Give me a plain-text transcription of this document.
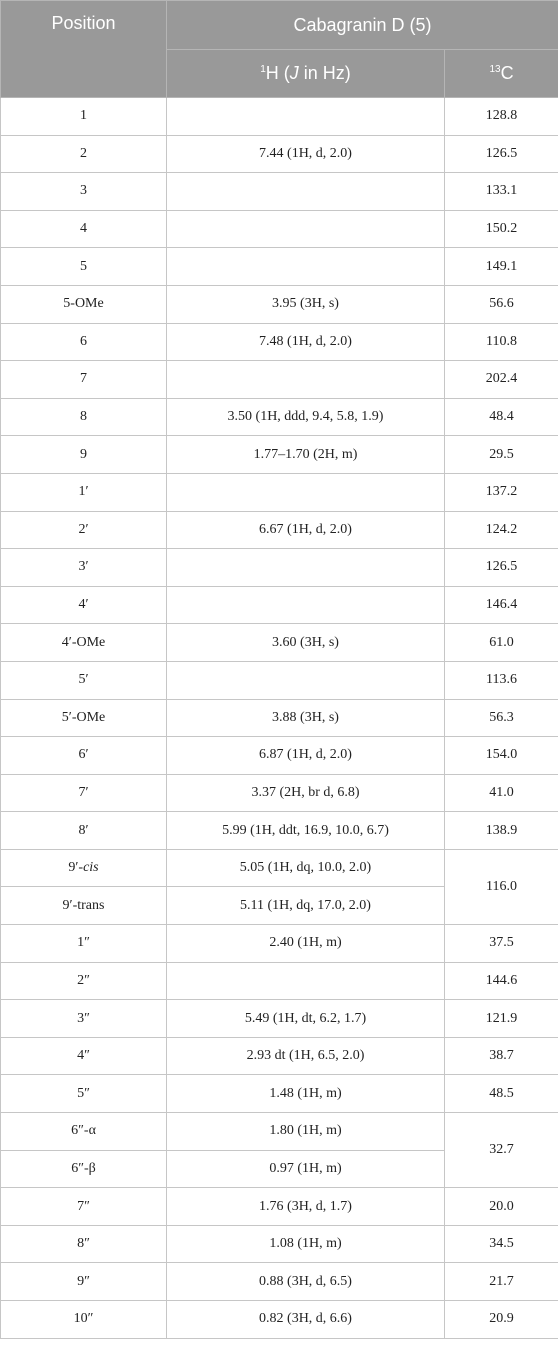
Position	Cabagranin D (5)	
	$^1$H (J in Hz)	$^{13}$C
1		128.8
2	7.44 (1H, d, 2.0)	126.5
3		133.1
4		150.2
5		149.1
5-OMe	3.95 (3H, s)	56.6
6	7.48 (1H, d, 2.0)	110.8
7		202.4
8	3.50 (1H, ddd, 9.4, 5.8, 1.9)	48.4
9	1.77–1.70 (2H, m)	29.5
1′		137.2
2′	6.67 (1H, d, 2.0)	124.2
3′		126.5
4′		146.4
4′-OMe	3.60 (3H, s)	61.0
5′		113.6
5′-OMe	3.88 (3H, s)	56.3
6′	6.87 (1H, d, 2.0)	154.0
7′	3.37 (2H, br d, 6.8)	41.0
8′	5.99 (1H, ddt, 16.9, 10.0, 6.7)	138.9
9′-cis	5.05 (1H, dq, 10.0, 2.0)	116.0
9′-trans	5.11 (1H, dq, 17.0, 2.0)	
1″	2.40 (1H, m)	37.5
2″		144.6
3″	5.49 (1H, dt, 6.2, 1.7)	121.9
4″	2.93 dt (1H, 6.5, 2.0)	38.7
5″	1.48 (1H, m)	48.5
6″-α	1.80 (1H, m)	32.7
6″-β	0.97 (1H, m)	
7″	1.76 (3H, d, 1.7)	20.0
8″	1.08 (1H, m)	34.5
9″	0.88 (3H, d, 6.5)	21.7
10″	0.82 (3H, d, 6.6)	20.9
